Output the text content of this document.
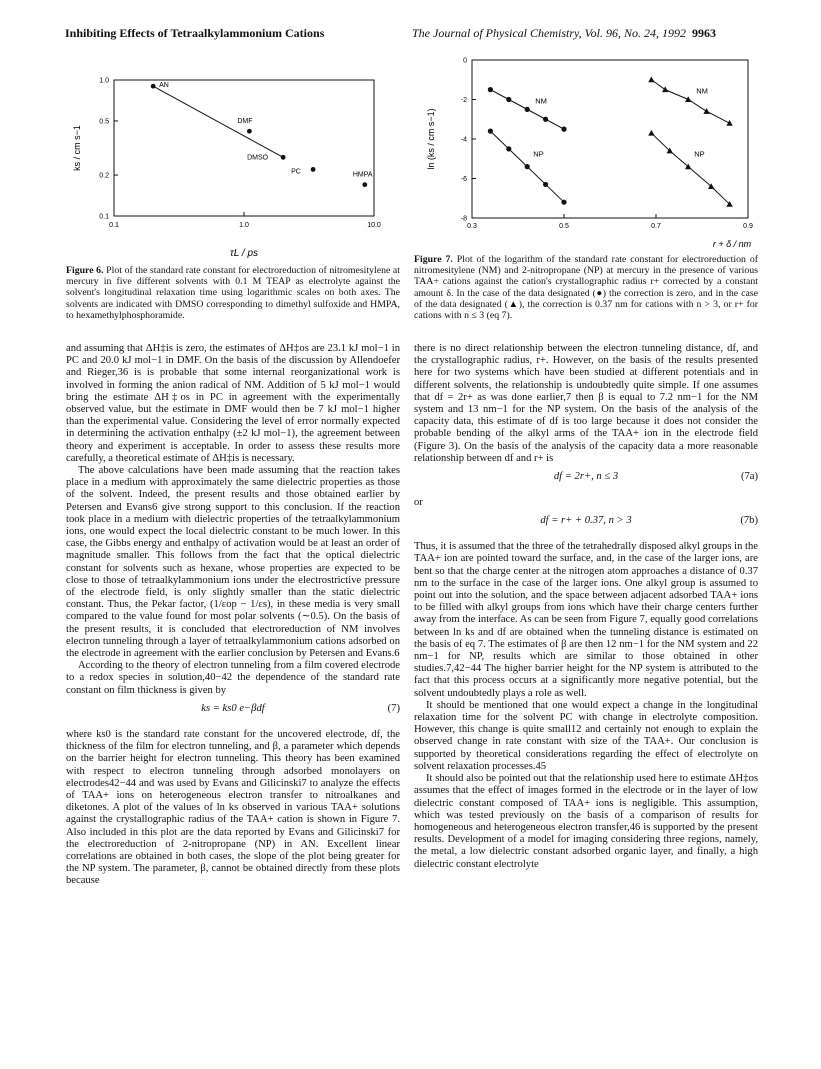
Inhibiting Effects of Tetraalkylammonium Cations	The Journal of Physical Chemistry, Vol. 96, No. 24, 1992 9963
0.1	1.0	10.0
0.1
0.2
0.5
1.0
AN
DMF
DMSO
PC	HMPA
ks / cm s−1
τL / ps
Figure 6. Plot of the standard rate constant for electroreduction of nitromesitylene at mercury in five different solvents with 0.1 M TEAP as electrolyte against the solvent's longitudinal relaxation time using logarithmic scales on both axes. The solvents are indicated with DMSO corresponding to dimethyl sulfoxide and HMPA, to hexamethylphosphoramide.
0.3	0.5	0.7	0.9
0
-2
-4
-6
-8
NM
NP
NM
NP
ln (ks / cm s−1)
r + δ / nm
Figure 7. Plot of the logarithm of the standard rate constant for electroreduction of nitromesitylene (NM) and 2-nitropropane (NP) at mercury in the presence of various TAA+ cations against the cation's crystallographic radius r+ corrected by a constant amount δ. In the case of the data designated (●) the correction is zero, and in the case of the data designated (▲), the correction is 0.37 nm for cations with n > 3, or r+ for cations with n ≤ 3 (eq 7).

and assuming that ΔH‡is is zero, the estimates of ΔH‡os are 23.1 kJ mol−1 in PC and 20.0 kJ mol−1 in DMF. On the basis of the discussion by Allendoefer and Rieger,36 is is probable that some internal reorganizational work is involved in forming the anion radical of NM. Addition of 5 kJ mol−1 would bring the estimate ΔH‡os in PC in agreement with the experimentally observed value, but the estimate in DMF would then be 7 kJ mol−1 higher than the experimental value. Considering the level of error normally expected in determining the activation enthalpy (±2 kJ mol−1), the agreement between theory and experiment is acceptable. In order to assess these results more carefully, a theoretical estimate of ΔH‡is is necessary.

The above calculations have been made assuming that the reaction takes place in a medium with approximately the same dielectric properties as those of the solvent. Indeed, the present results and those obtained earlier by Petersen and Evans6 give strong support to this conclusion. If the reaction took place in a medium with dielectric properties of the tetraalkylammonium ions, one would expect the local dielectric constant to be much lower. In this case, the Gibbs energy and enthalpy of activation would be at least an order of magnitude smaller. This follows from the fact that the optical dielectric constant for solvents such as hexane, whose properties are expected to be close to those of tetraalkylammonium ions under the electrostrictive pressure of the electrode field, is only slightly smaller than the static dielectric constant. Thus, the Pekar factor, (1/εop − 1/εs), in these media is very small compared to the value found for most polar solvents (∼0.5). On the basis of the present results, it is concluded that electroreduction of NM involves electron tunneling through a layer of tetraalkylammonium cations adsorbed on the electrode in agreement with the earlier conclusion by Petersen and Evans.6

According to the theory of electron tunneling from a film covered electrode to a redox species in solution,40−42 the dependence of the standard rate constant on film thickness is given by

ks = ks0 e−βdf	(7)

where ks0 is the standard rate constant for the uncovered electrode, df, the thickness of the film for electron tunneling, and β, a parameter which depends on the barrier height for electron tunneling. This theory has been examined with respect to electron tunneling through adsorbed monolayers on electrodes42−44 and was used by Evans and Gilicinski7 to analyze the effects of TAA+ ions on heterogeneous electron transfer to nitroalkanes and diketones. A plot of the values of ln ks observed in various TAA+ solutions against the crystallographic radius of the TAA+ cation is shown in Figure 7. Also included in this plot are the data reported by Evans and Gilicinski7 for the electroreduction of 2-nitropropane (NP) in AN. Excellent linear correlations are obtained in both cases, the slope of the plot being greater for the NP system. The parameter, β, cannot be obtained directly from these plots because

there is no direct relationship between the electron tunneling distance, df, and the crystallographic radius, r+. However, on the basis of the results presented here for two systems which have been studied at different potentials and in different solvents, the relationship is undoubtedly quite simple. If one assumes that df = 2r+ as was done earlier,7 then β is equal to 7.2 nm−1 for the NM system and 13 nm−1 for the NP system. On the basis of the analysis of the capacity data, this estimate of df is too large because it does not consider the probable bending of the alkyl arms of the TAA+ ion in the electrode field (Figure 3). On the basis of the analysis of the capacity data a more reasonable relationship between df and r+ is

df = 2r+, n ≤ 3	(7a)

or

df = r+ + 0.37, n > 3	(7b)

Thus, it is assumed that the three of the tetrahedrally disposed alkyl groups in the TAA+ ion are pointed toward the surface, and, in the case of the larger ions, are bent so that the charge center at the nitrogen atom approaches a distance of 0.37 nm to the surface in the case of the larger ions. One alkyl group is assumed to point out into the solution, and the space between adjacent adsorbed TAA+ ions to be filled with alkyl groups from ions which have their charge centers further away from the interface. As can be seen from Figure 7, equally good correlations between ln ks and df are obtained when the tunneling distance is estimated on the basis of eq 7. The estimates of β are then 12 nm−1 for the NM system and 22 nm−1 for NP, results which are similar to those obtained in other studies.7,42−44 The higher barrier height for the NP system is attributed to the fact that this process occurs at a significantly more negative potential, but the solvent undoubtedly plays a role as well.

It should be mentioned that one would expect a change in the longitudinal relaxation time for the solvent PC with change in electrolyte composition. However, this change is quite small12 and certainly not enough to explain the observed change in rate constant with size of the TAA+. Our conclusion is supported by theoretical considerations regarding the effect of electrolyte on solvent relaxation processes.45

It should also be pointed out that the relationship used here to estimate ΔH‡os assumes that the effect of images formed in the electrode or in the layer of low dielectric constant composed of TAA+ ions is negligible. This assumption, which was tested previously on the basis of a comparison of results for homogeneous and heterogeneous electron transfer,46 is supported by the present results. Development of a model for imaging considering three regions, namely, the metal, a low dielectric constant adsorbed organic layer, and finally, a high dielectric constant electrolyte
